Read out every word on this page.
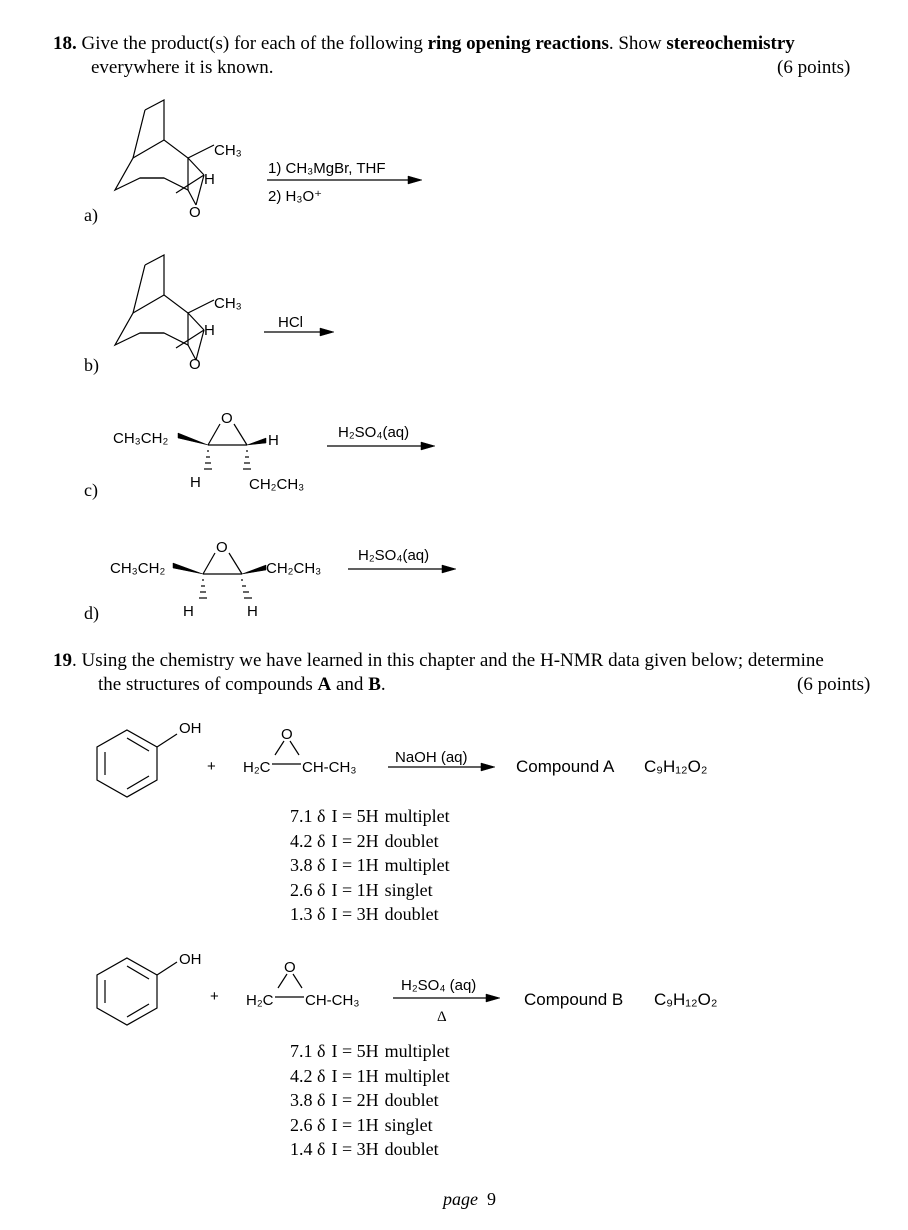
18. Give the product(s) for each of the following ring opening reactions. Show stereochemistry
everywhere it is known.	(6 points)
a)
CH₃
H
O
1) CH₃MgBr, THF
2) H₃O⁺
b)
CH₃
H
O
HCl
c)
CH₃CH₂
O
H
H	CH₂CH₃
H₂SO₄(aq)
d)
CH₃CH₂
O
CH₂CH₃
H	H
H₂SO₄(aq)
19. Using the chemistry we have learned in this chapter and the H-NMR data given below; determine
the structures of compounds A and B.	(6 points)
OH
+ H₂C
O
CH-CH₃
NaOH (aq)	Compound A C₉H₁₂O₂
7.1 δ	I = 5H	multiplet
4.2 δ	I = 2H	doublet
3.8 δ	I = 1H	multiplet
2.6 δ	I = 1H	singlet
1.3 δ	I = 3H	doublet
OH
+ H₂C
O
CH-CH₃
H₂SO₄ (aq)
Δ
Compound B C₉H₁₂O₂
7.1 δ	I = 5H	multiplet
4.2 δ	I = 1H	multiplet
3.8 δ	I = 2H	doublet
2.6 δ	I = 1H	singlet
1.4 δ	I = 3H	doublet
page 9
